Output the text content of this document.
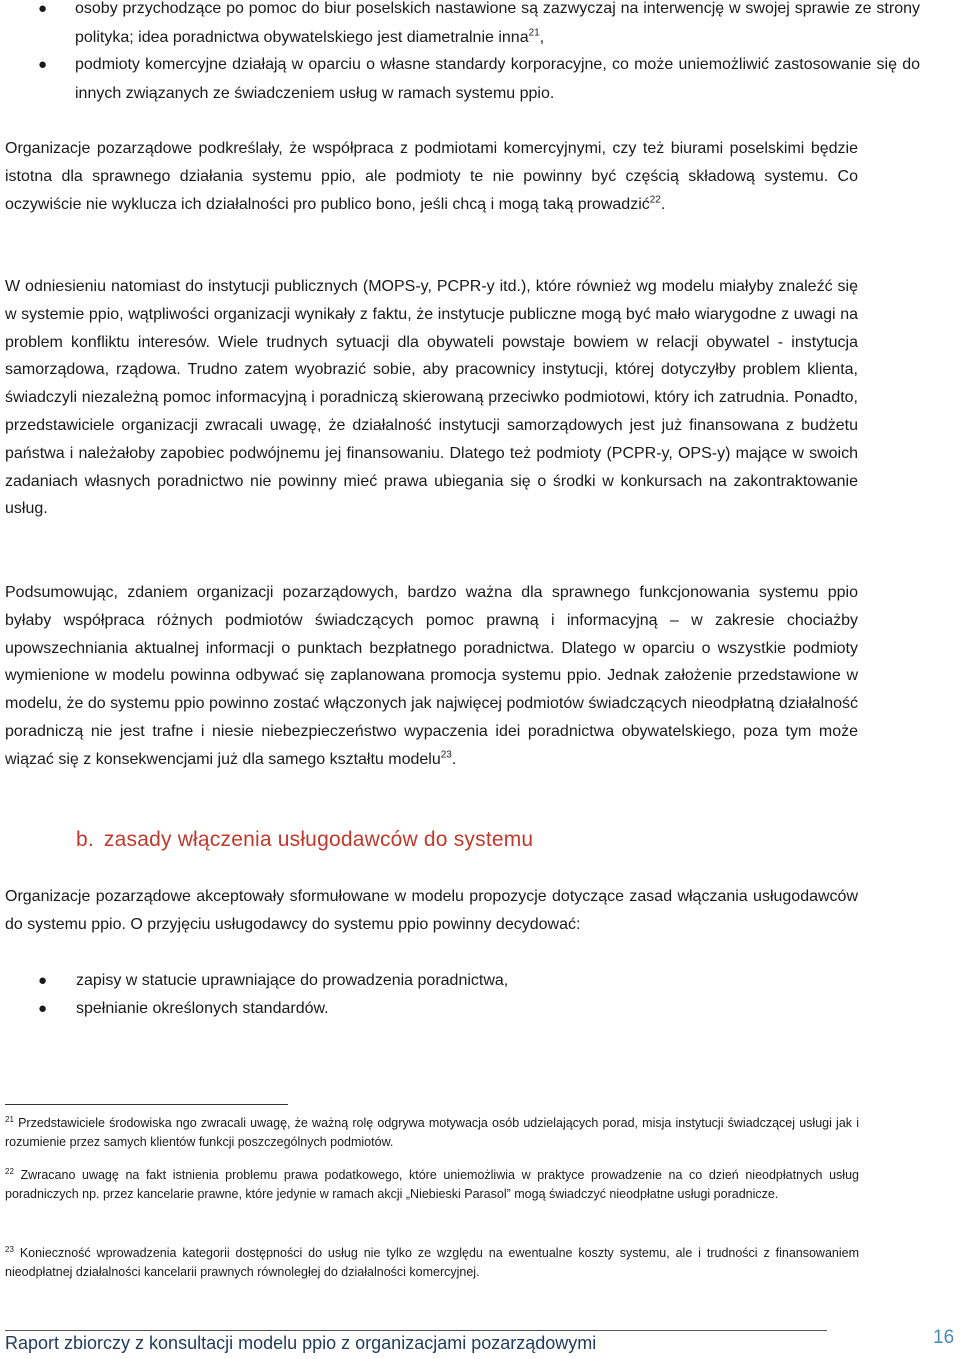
● osoby przychodzące po pomoc do biur poselskich nastawione są zazwyczaj na interwencję w swojej sprawie ze strony polityka; idea poradnictwa obywatelskiego jest diametralnie inna$^{21}$,
● podmioty komercyjne działają w oparciu o własne standardy korporacyjne, co może uniemożliwić zastosowanie się do innych związanych ze świadczeniem usług w ramach systemu ppio.
Organizacje pozarządowe podkreślały, że współpraca z podmiotami komercyjnymi, czy też biurami poselskimi będzie istotna dla sprawnego działania systemu ppio, ale podmioty te nie powinny być częścią składową systemu. Co oczywiście nie wyklucza ich działalności pro publico bono, jeśli chcą i mogą taką prowadzić$^{22}$.
W odniesieniu natomiast do instytucji publicznych (MOPS-y, PCPR-y itd.), które również wg modelu miałyby znaleźć się w systemie ppio, wątpliwości organizacji wynikały z faktu, że instytucje publiczne mogą być mało wiarygodne z uwagi na problem konfliktu interesów. Wiele trudnych sytuacji dla obywateli powstaje bowiem w relacji obywatel - instytucja samorządowa, rządowa. Trudno zatem wyobrazić sobie, aby pracownicy instytucji, której dotyczyłby problem klienta, świadczyli niezależną pomoc informacyjną i poradniczą skierowaną przeciwko podmiotowi, który ich zatrudnia. Ponadto, przedstawiciele organizacji zwracali uwagę, że działalność instytucji samorządowych jest już finansowana z budżetu państwa i należałoby zapobiec podwójnemu jej finansowaniu. Dlatego też podmioty (PCPR-y, OPS-y) mające w swoich zadaniach własnych poradnictwo nie powinny mieć prawa ubiegania się o środki w konkursach na zakontraktowanie usług.
Podsumowując, zdaniem organizacji pozarządowych, bardzo ważna dla sprawnego funkcjonowania systemu ppio byłaby współpraca różnych podmiotów świadczących pomoc prawną i informacyjną – w zakresie chociażby upowszechniania aktualnej informacji o punktach bezpłatnego poradnictwa. Dlatego w oparciu o wszystkie podmioty wymienione w modelu powinna odbywać się zaplanowana promocja systemu ppio. Jednak założenie przedstawione w modelu, że do systemu ppio powinno zostać włączonych jak najwięcej podmiotów świadczących nieodpłatną działalność poradniczą nie jest trafne i niesie niebezpieczeństwo wypaczenia idei poradnictwa obywatelskiego, poza tym może wiązać się z konsekwencjami już dla samego kształtu modelu$^{23}$.
b. zasady włączenia usługodawców do systemu
Organizacje pozarządowe akceptowały sformułowane w modelu propozycje dotyczące zasad włączania usługodawców do systemu ppio. O przyjęciu usługodawcy do systemu ppio powinny decydować:
● zapisy w statucie uprawniające do prowadzenia poradnictwa,
● spełnianie określonych standardów.
$^{21}$ Przedstawiciele środowiska ngo zwracali uwagę, że ważną rolę odgrywa motywacja osób udzielających porad, misja instytucji świadczącej usługi jak i rozumienie przez samych klientów funkcji poszczególnych podmiotów.
$^{22}$ Zwracano uwagę na fakt istnienia problemu prawa podatkowego, które uniemożliwia w praktyce prowadzenie na co dzień nieodpłatnych usług poradniczych np. przez kancelarie prawne, które jedynie w ramach akcji „Niebieski Parasol” mogą świadczyć nieodpłatne usługi poradnicze.
$^{23}$ Konieczność wprowadzenia kategorii dostępności do usług nie tylko ze względu na ewentualne koszty systemu, ale i trudności z finansowaniem nieodpłatnej działalności kancelarii prawnych równoległej do działalności komercyjnej.
Raport zbiorczy z konsultacji modelu ppio z organizacjami pozarządowymi	16
